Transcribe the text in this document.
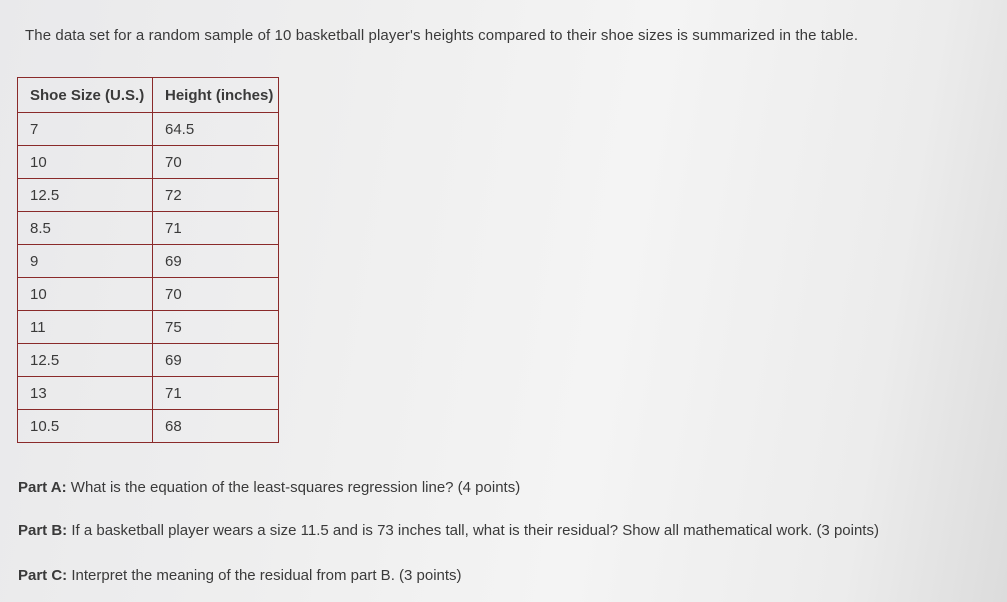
The data set for a random sample of 10 basketball player's heights compared to their shoe sizes is summarized in the table.
Shoe Size (U.S.)	Height (inches)
7	64.5
10	70
12.5	72
8.5	71
9	69
10	70
11	75
12.5	69
13	71
10.5	68
Part A: What is the equation of the least-squares regression line? (4 points)
Part B: If a basketball player wears a size 11.5 and is 73 inches tall, what is their residual? Show all mathematical work. (3 points)
Part C: Interpret the meaning of the residual from part B. (3 points)
